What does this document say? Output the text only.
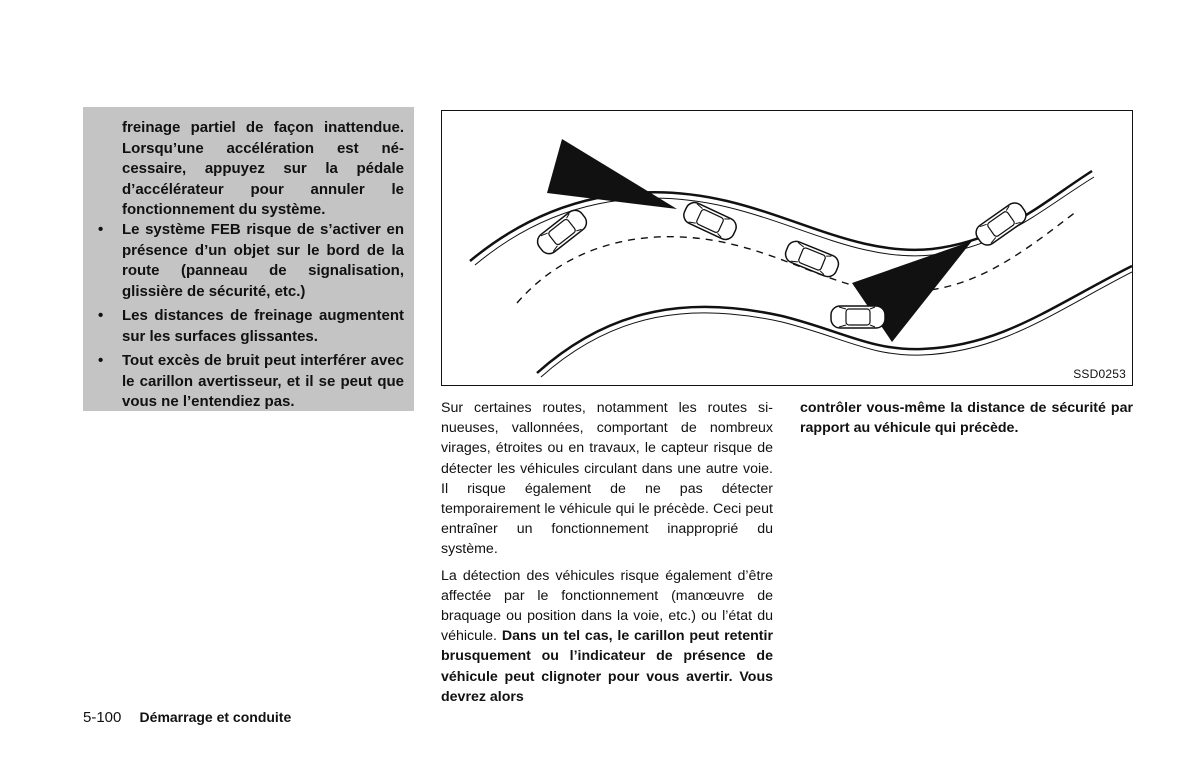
freinage partiel de façon inattendue. Lorsqu’une accélération est nécessaire, appuyez sur la pédale d’accélérateur pour annuler le fonctionnement du système.

•	Le système FEB risque de s’activer en présence d’un objet sur le bord de la route (panneau de signalisation, glissière de sécurité, etc.)
•	Les distances de freinage augmentent sur les surfaces glissantes.
•	Tout excès de bruit peut interférer avec le carillon avertisseur, et il se peut que vous ne l’entendiez pas.
SSD0253

Sur certaines routes, notamment les routes sinueuses, vallonnées, comportant de nombreux virages, étroites ou en travaux, le capteur risque de détecter les véhicules circulant dans une autre voie. Il risque également de ne pas détecter temporairement le véhicule qui le précède. Ceci peut entraîner un fonctionnement inapproprié du système.

La détection des véhicules risque également d’être affectée par le fonctionnement (manœuvre de braquage ou position dans la voie, etc.) ou l’état du véhicule. Dans un tel cas, le carillon peut retentir brusquement ou l’indicateur de présence de véhicule peut clignoter pour vous avertir. Vous devrez alors

contrôler vous-même la distance de sécurité par rapport au véhicule qui précède.

5-100 Démarrage et conduite
